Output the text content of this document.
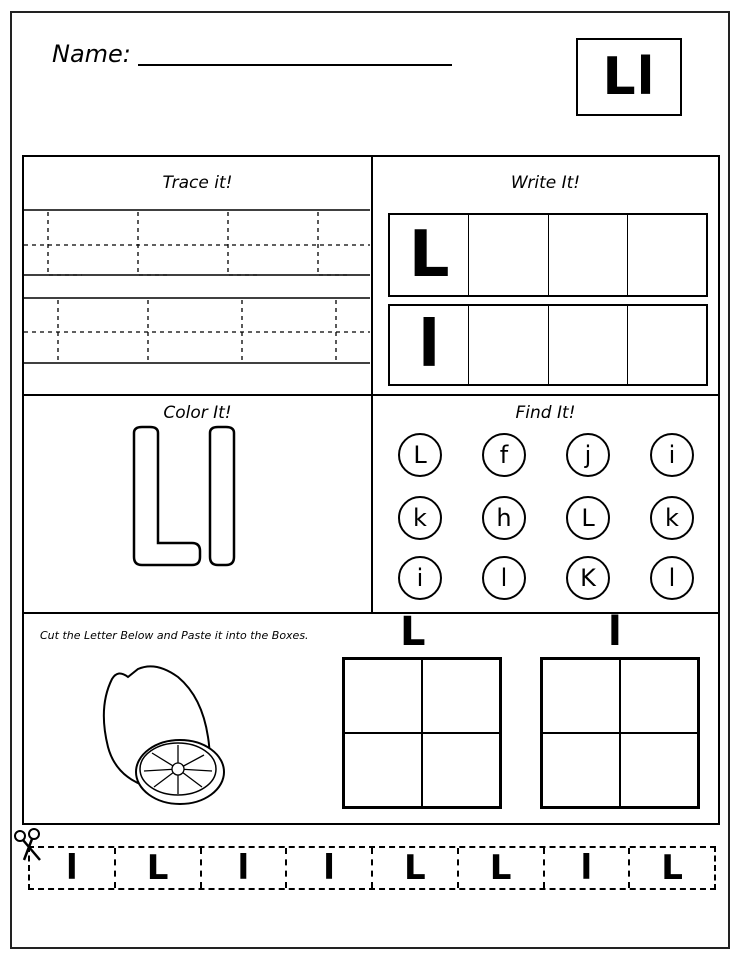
Name:	Ll
Trace it!	Write It!
Color It!	Find It!
L
l
Cut the Letter Below and Paste it into the Boxes. L	l
L	f	j	i
k	h	L	k
i	l	K	l
l	L	l	l	L	L	l	L
